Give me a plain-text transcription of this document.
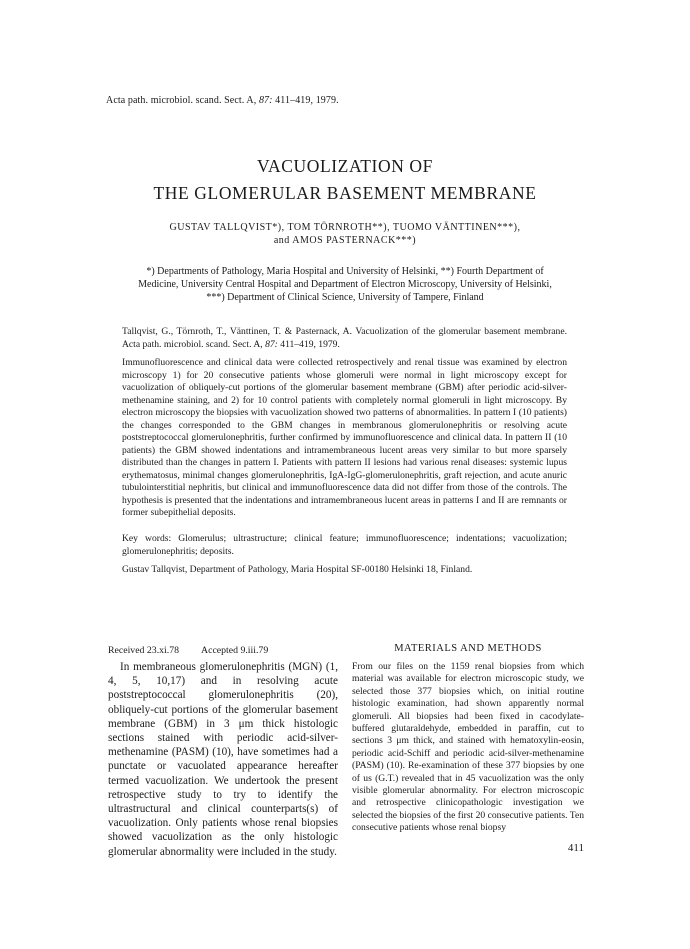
Acta path. microbiol. scand. Sect. A, 87: 411–419, 1979.
VACUOLIZATION OF
THE GLOMERULAR BASEMENT MEMBRANE
GUSTAV TALLQVIST*), TOM TÖRNROTH**), TUOMO VÄNTTINEN***),
and AMOS PASTERNACK***)
*) Departments of Pathology, Maria Hospital and University of Helsinki, **) Fourth Department of
Medicine, University Central Hospital and Department of Electron Microscopy, University of Helsinki,
***) Department of Clinical Science, University of Tampere, Finland

Tallqvist, G., Törnroth, T., Vänttinen, T. & Pasternack, A. Vacuolization of the glomerular basement membrane. Acta path. microbiol. scand. Sect. A, 87: 411–419, 1979.

Immunofluorescence and clinical data were collected retrospectively and renal tissue was examined by electron microscopy 1) for 20 consecutive patients whose glomeruli were normal in light microscopy except for vacuolization of obliquely-cut portions of the glomerular basement membrane (GBM) after periodic acid-silver-methenamine staining, and 2) for 10 control patients with completely normal glomeruli in light microscopy. By electron microscopy the biopsies with vacuolization showed two patterns of abnormalities. In pattern I (10 patients) the changes corresponded to the GBM changes in membranous glomerulonephritis or resolving acute poststreptococcal glomerulonephritis, further confirmed by immunofluorescence and clinical data. In pattern II (10 patients) the GBM showed indentations and intramembraneous lucent areas very similar to but more sparsely distributed than the changes in pattern I. Patients with pattern II lesions had various renal diseases: systemic lupus erythematosus, minimal changes glomerulonephritis, IgA-IgG-glomerulonephritis, graft rejection, and acute anuric tubulointerstitial nephritis, but clinical and immunofluorescence data did not differ from those of the controls. The hypothesis is presented that the indentations and intramembraneous lucent areas in patterns I and II are remnants or former subepithelial deposits.

Key words: Glomerulus; ultrastructure; clinical feature; immunofluorescence; indentations; vacuolization; glomerulonephritis; deposits.

Gustav Tallqvist, Department of Pathology, Maria Hospital SF-00180 Helsinki 18, Finland.

Received 23.xi.78 Accepted 9.iii.79

In membraneous glomerulonephritis (MGN) (1, 4, 5, 10,17) and in resolving acute poststreptococcal glomerulonephritis (20), obliquely-cut portions of the glomerular basement membrane (GBM) in 3 μm thick histologic sections stained with periodic acid-silver-methenamine (PASM) (10), have sometimes had a punctate or vacuolated appearance hereafter termed vacuolization. We undertook the present retrospective study to try to identify the ultrastructural and clinical counterparts(s) of vacuolization. Only patients whose renal biopsies showed vacuolization as the only histologic glomerular abnormality were included in the study.

MATERIALS AND METHODS

From our files on the 1159 renal biopsies from which material was available for electron microscopic study, we selected those 377 biopsies which, on initial routine histologic examination, had shown apparently normal glomeruli. All biopsies had been fixed in cacodylate-buffered glutaraldehyde, embedded in paraffin, cut to sections 3 μm thick, and stained with hematoxylin-eosin, periodic acid-Schiff and periodic acid-silver-methenamine (PASM) (10). Re-examination of these 377 biopsies by one of us (G.T.) revealed that in 45 vacuolization was the only visible glomerular abnormality. For electron microscopic and retrospective clinicopathologic investigation we selected the biopsies of the first 20 consecutive patients. Ten consecutive patients whose renal biopsy

411
